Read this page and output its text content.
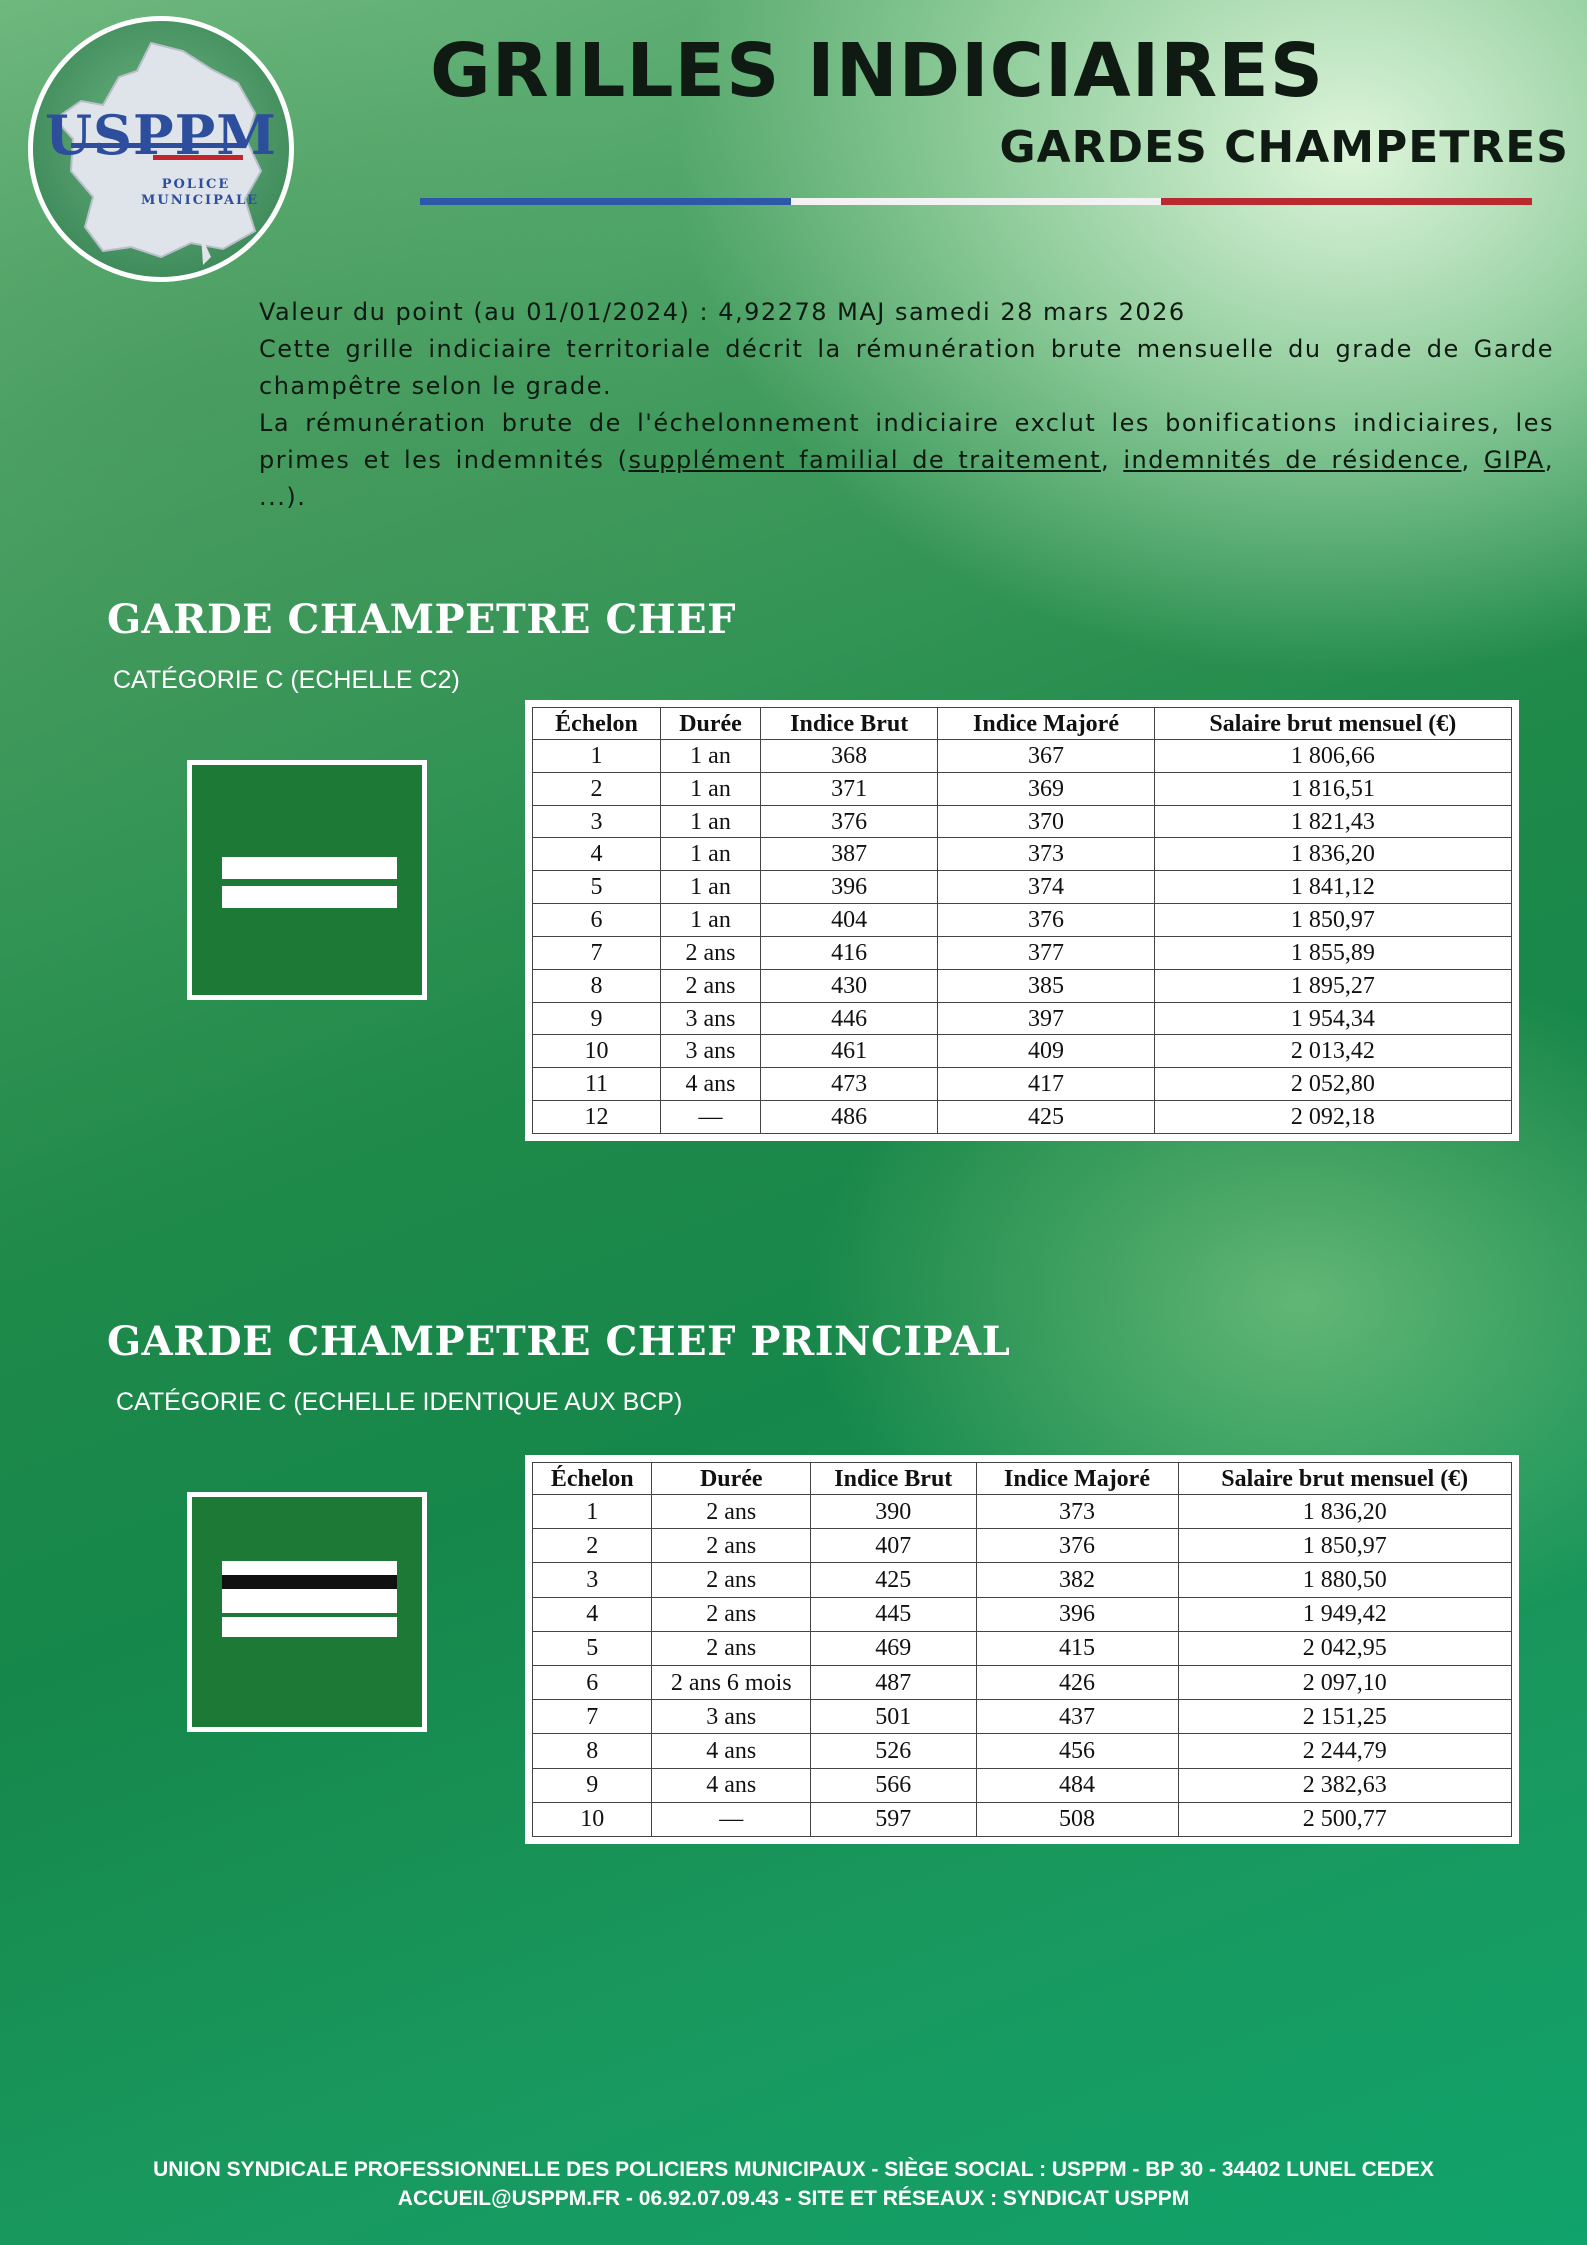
USPPM
POLICE
MUNICIPALE
GRILLES INDICIAIRES
GARDES CHAMPETRES

Valeur du point (au 01/01/2024) : 4,92278 MAJ samedi 28 mars 2026

Cette grille indiciaire territoriale décrit la rémunération brute mensuelle du grade de Garde champêtre selon le grade.

La rémunération brute de l'échelonnement indiciaire exclut les bonifications indiciaires, les primes et les indemnités (supplément familial de traitement, indemnités de résidence, GIPA, ...).

GARDE CHAMPETRE CHEF

CATÉGORIE C (ECHELLE C2)

Échelon	Durée	Indice Brut	Indice Majoré	Salaire brut mensuel (€)
1	1 an	368	367	1 806,66
2	1 an	371	369	1 816,51
3	1 an	376	370	1 821,43
4	1 an	387	373	1 836,20
5	1 an	396	374	1 841,12
6	1 an	404	376	1 850,97
7	2 ans	416	377	1 855,89
8	2 ans	430	385	1 895,27
9	3 ans	446	397	1 954,34
10	3 ans	461	409	2 013,42
11	4 ans	473	417	2 052,80
12	—	486	425	2 092,18
GARDE CHAMPETRE CHEF PRINCIPAL

CATÉGORIE C (ECHELLE IDENTIQUE AUX BCP)

Échelon	Durée	Indice Brut	Indice Majoré	Salaire brut mensuel (€)
1	2 ans	390	373	1 836,20
2	2 ans	407	376	1 850,97
3	2 ans	425	382	1 880,50
4	2 ans	445	396	1 949,42
5	2 ans	469	415	2 042,95
6	2 ans 6 mois	487	426	2 097,10
7	3 ans	501	437	2 151,25
8	4 ans	526	456	2 244,79
9	4 ans	566	484	2 382,63
10	—	597	508	2 500,77
UNION SYNDICALE PROFESSIONNELLE DES POLICIERS MUNICIPAUX - SIÈGE SOCIAL : USPPM - BP 30 - 34402 LUNEL CEDEX
ACCUEIL@USPPM.FR - 06.92.07.09.43 - SITE ET RÉSEAUX : SYNDICAT USPPM
